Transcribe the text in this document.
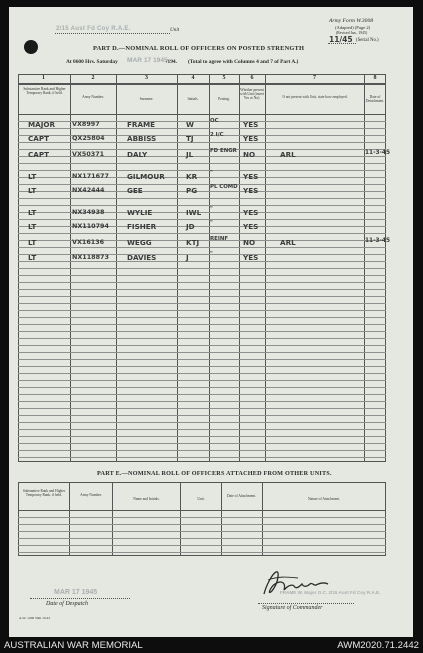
2/15 Aust Fd Coy R.A.E.	Unit
Army Form W.3008
(Adapted) (Page 2)
(Revised Jan., 1945)
11/45 (Serial No.)
PART D.—NOMINAL ROLL OF OFFICERS ON POSTED STRENGTH
At 0600 Hrs. Saturday MAR 17 1945
/194. (Total to agree with Columns 4 and 7 of Part A.)
1	2	3	4	5	6	7	8
Substantive Rank and Higher Temporary Rank, if held.
Army Number.	Surname.	Initials.	Posting.
Whether present with Unit (insert Yes or No).	If not present with Unit, state how employed.	Date of Detachment.
MAJOR	VX8997	FRAME	W	OC	YES
CAPT	QX25804	ABBISS	TJ	2 I/C	YES
CAPT	VX50371	DALY	JL	FD ENGR NO	ARL	11-3-45
LT	NX171677	GILMOUR	KR	"	YES
LT	NX42444	GEE	PG	PL COMD YES
LT	NX34938	WYLIE	IWL	"	YES
LT	NX110794	FISHER	JD	"	YES
LT	VX16136	WEGG	KTJ	REINF	NO	ARL	11-3-45
LT	NX118873	DAVIES	J	"	YES
PART E.—NOMINAL ROLL OF OFFICERS ATTACHED FROM OTHER UNITS.
Substantive Rank and Higher Temporary Rank, if held.	Army Number.
Name and Initials.	Unit.
Date of Attachment.
Nature of Attachment.
MAR 17 1945
Date of Despatch
A.W. 1206 50m 10.43
FRAME W. Major O.C. 2/15 Aust Fd Coy R.A.E.
Signature of Commander
AUSTRALIAN WAR MEMORIAL	AWM2020.71.2442
